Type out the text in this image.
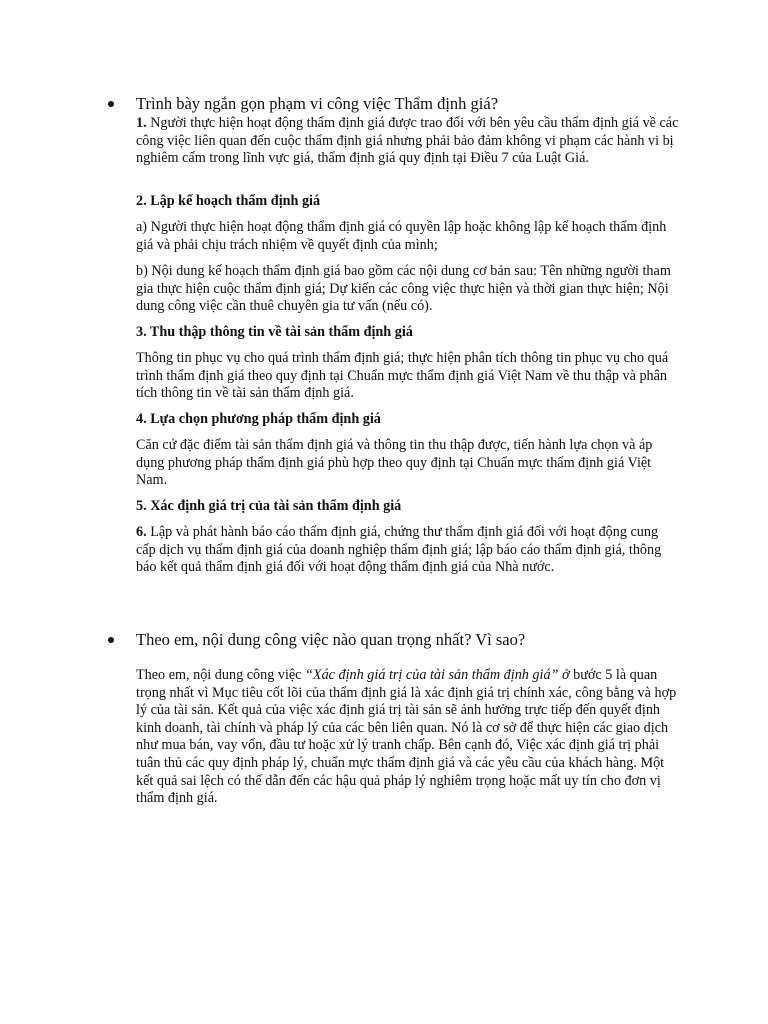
Trình bày ngắn gọn phạm vi công việc Thẩm định giá?

1. Người thực hiện hoạt động thẩm định giá được trao đổi với bên yêu cầu thẩm định giá về các công việc liên quan đến cuộc thẩm định giá nhưng phải bảo đảm không vi phạm các hành vi bị nghiêm cấm trong lĩnh vực giá, thẩm định giá quy định tại Điều 7 của Luật Giá.

2. Lập kế hoạch thẩm định giá

a) Người thực hiện hoạt động thẩm định giá có quyền lập hoặc không lập kế hoạch thẩm định giá và phải chịu trách nhiệm về quyết định của mình;

b) Nội dung kế hoạch thẩm định giá bao gồm các nội dung cơ bản sau: Tên những người tham gia thực hiện cuộc thẩm định giá; Dự kiến các công việc thực hiện và thời gian thực hiện; Nội dung công việc cần thuê chuyên gia tư vấn (nếu có).

3. Thu thập thông tin về tài sản thẩm định giá

Thông tin phục vụ cho quá trình thẩm định giá; thực hiện phân tích thông tin phục vụ cho quá trình thẩm định giá theo quy định tại Chuẩn mực thẩm định giá Việt Nam về thu thập và phân tích thông tin về tài sản thẩm định giá.

4. Lựa chọn phương pháp thẩm định giá

Căn cứ đặc điểm tài sản thẩm định giá và thông tin thu thập được, tiến hành lựa chọn và áp dụng phương pháp thẩm định giá phù hợp theo quy định tại Chuẩn mực thẩm định giá Việt Nam.

5. Xác định giá trị của tài sản thẩm định giá

6. Lập và phát hành báo cáo thẩm định giá, chứng thư thẩm định giá đối với hoạt động cung cấp dịch vụ thẩm định giá của doanh nghiệp thẩm định giá; lập báo cáo thẩm định giá, thông báo kết quả thẩm định giá đối với hoạt động thẩm định giá của Nhà nước.

Theo em, nội dung công việc nào quan trọng nhất? Vì sao?

Theo em, nội dung công việc “Xác định giá trị của tài sản thẩm định giá” ở bước 5 là quan trọng nhất vì Mục tiêu cốt lõi của thẩm định giá là xác định giá trị chính xác, công bằng và hợp lý của tài sản. Kết quả của việc xác định giá trị tài sản sẽ ảnh hưởng trực tiếp đến quyết định kinh doanh, tài chính và pháp lý của các bên liên quan. Nó là cơ sở để thực hiện các giao dịch như mua bán, vay vốn, đầu tư hoặc xử lý tranh chấp. Bên cạnh đó, Việc xác định giá trị phải tuân thủ các quy định pháp lý, chuẩn mực thẩm định giá và các yêu cầu của khách hàng. Một kết quả sai lệch có thể dẫn đến các hậu quả pháp lý nghiêm trọng hoặc mất uy tín cho đơn vị thẩm định giá.
